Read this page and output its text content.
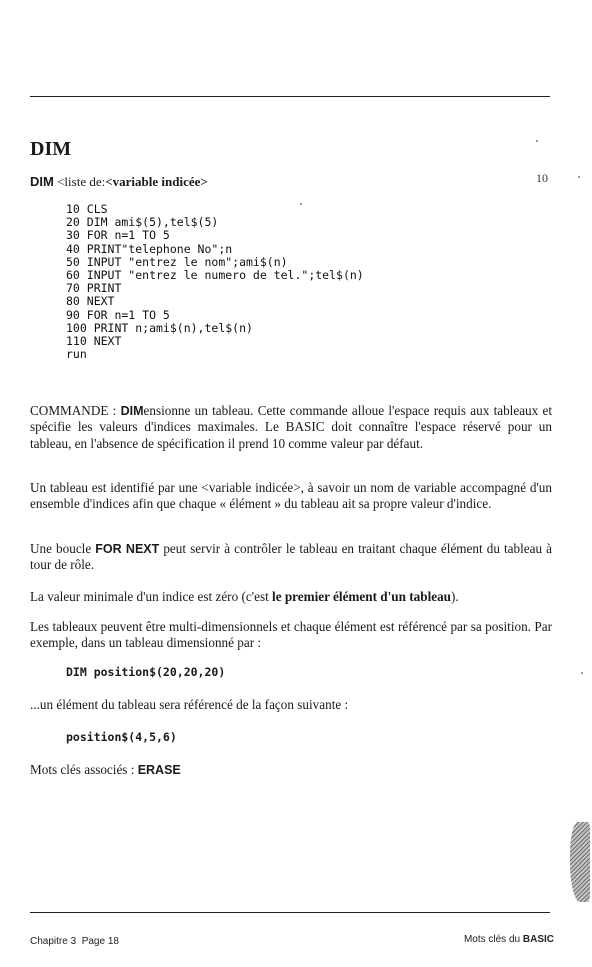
DIM
DIM <liste de:<variable indicée>	10
10 CLS
20 DIM ami$(5),tel$(5)
30 FOR n=1 TO 5
40 PRINT"telephone No";n
50 INPUT "entrez le nom";ami$(n)
60 INPUT "entrez le numero de tel.";tel$(n)
70 PRINT
80 NEXT
90 FOR n=1 TO 5
100 PRINT n;ami$(n),tel$(n)
110 NEXT
run

COMMANDE : DIMensionne un tableau. Cette commande alloue l'espace requis aux tableaux et spécifie les valeurs d'indices maximales. Le BASIC doit connaître l'espace réservé pour un tableau, en l'absence de spécification il prend 10 comme valeur par défaut.

Un tableau est identifié par une <variable indicée>, à savoir un nom de variable accompagné d'un ensemble d'indices afin que chaque « élément » du tableau ait sa propre valeur d'indice.

Une boucle FOR NEXT peut servir à contrôler le tableau en traitant chaque élément du tableau à tour de rôle.

La valeur minimale d'un indice est zéro (c'est le premier élément d'un tableau).

Les tableaux peuvent être multi-dimensionnels et chaque élément est référencé par sa position. Par exemple, dans un tableau dimensionné par :

DIM position$(20,20,20)

...un élément du tableau sera référencé de la façon suivante :

position$(4,5,6)

Mots clés associés : ERASE

Chapitre 3  Page 18	Mots clés du BASIC
